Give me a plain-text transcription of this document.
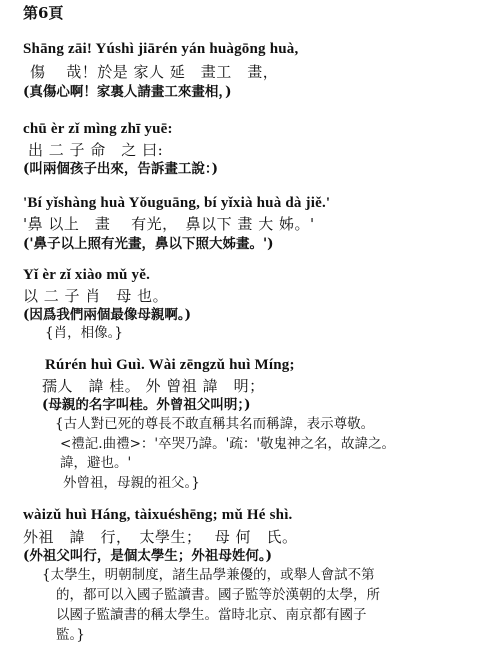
第6頁
Shāng zāi! Yúshì jiārén yán huàgōng huà,
傷　 哉！於是 家人 延　畫工　畫，
(真傷心啊！家裏人請畫工來畫相，)
chū èr zǐ mìng zhī yuē:
出 二 子 命　之 曰:
(叫兩個孩子出來，告訴畫工說：)
'Bí yǐshàng huà Yǒuguāng, bí yǐxià huà dà jiě.'
'鼻 以上　畫　 有光，　鼻以下 畫 大 姊。'
('鼻子以上照有光畫，鼻以下照大姊畫。')
Yǐ èr zǐ xiào mǔ yě.
以 二 子 肖　母 也。
(因爲我們兩個最像母親啊。)
{肖，相像。}
Rúrén huì Guì. Wài zēngzǔ huì Míng;
孺人　諱 桂。 外 曾祖 諱　明；
(母親的名字叫桂。外曾祖父叫明；)
{古人對已死的尊長不敢直稱其名而稱諱，表示尊敬。
<禮記.曲禮>：'卒哭乃諱。'疏：'敬鬼神之名，故諱之。
諱，避也。'
外曾祖，母親的祖父。}
wàizǔ huì Háng, tàixuéshēng; mǔ Hé shì.
外祖　諱　行，　太學生；　 母 何　氏。
(外祖父叫行，是個太學生；外祖母姓何。)
{太學生，明朝制度，諸生品學兼優的，或舉人會試不第
的，都可以入國子監讀書。國子監等於漢朝的太學，所
以國子監讀書的稱太學生。當時北京、南京都有國子
監。}
